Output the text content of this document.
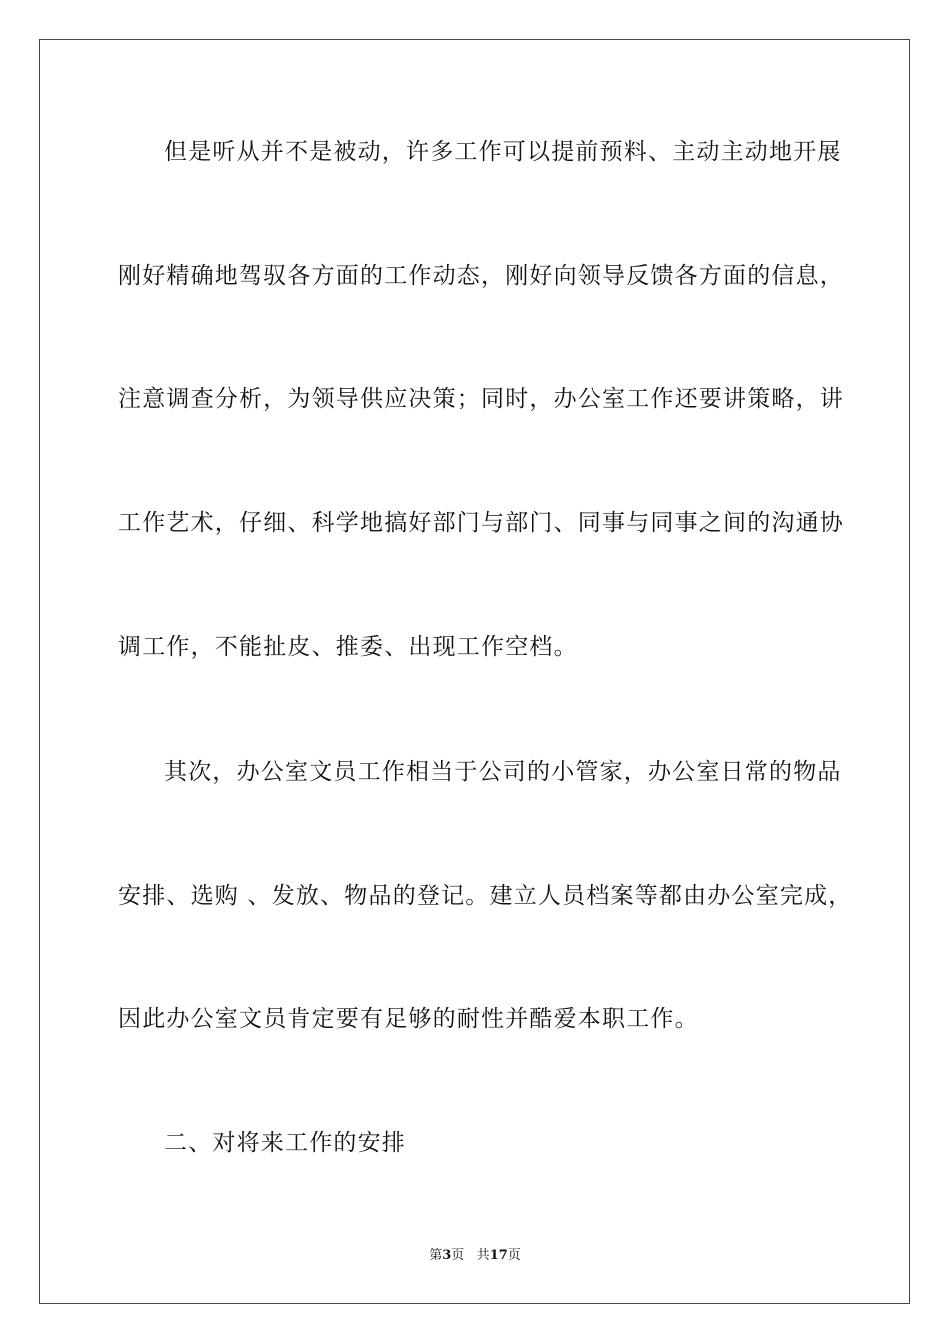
但是听从并不是被动，许多工作可以提前预料、主动主动地开展
刚好精确地驾驭各方面的工作动态，刚好向领导反馈各方面的信息，
注意调查分析，为领导供应决策；同时，办公室工作还要讲策略，讲
工作艺术，仔细、科学地搞好部门与部门、同事与同事之间的沟通协
调工作，不能扯皮、推委、出现工作空档。
其次，办公室文员工作相当于公司的小管家，办公室日常的物品
安排、选购 、发放、物品的登记。建立人员档案等都由办公室完成，
因此办公室文员肯定要有足够的耐性并酷爱本职工作。
二、对将来工作的安排
第3页 共17页
